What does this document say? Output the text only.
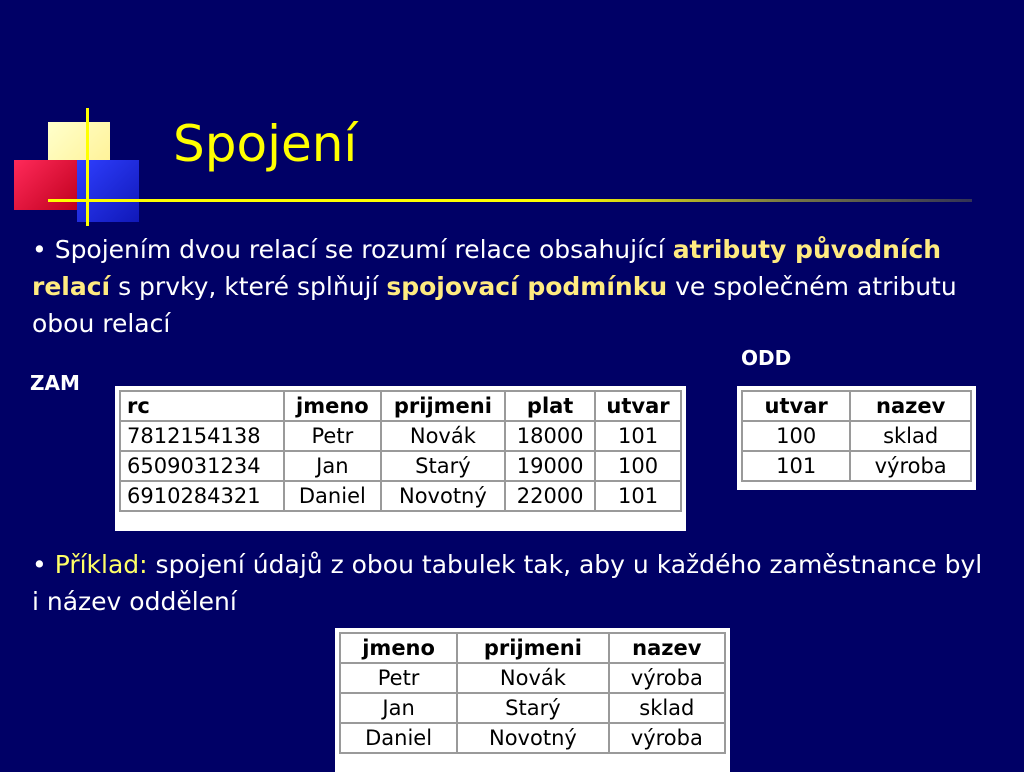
Spojení
• Spojením dvou relací se rozumí relace obsahující atributy původních relací s prvky, které splňují spojovací podmínku ve společném atributu obou relací
ZAM
ODD
rc	jmeno	prijmeni	plat	utvar
7812154138	Petr	Novák	18000	101
6509031234	Jan	Starý	19000	100
6910284321	Daniel	Novotný	22000	101
utvar	nazev
100	sklad
101	výroba
• Příklad: spojení údajů z obou tabulek tak, aby u každého zaměstnance byl i název oddělení
jmeno	prijmeni	nazev
Petr	Novák	výroba
Jan	Starý	sklad
Daniel	Novotný	výroba
